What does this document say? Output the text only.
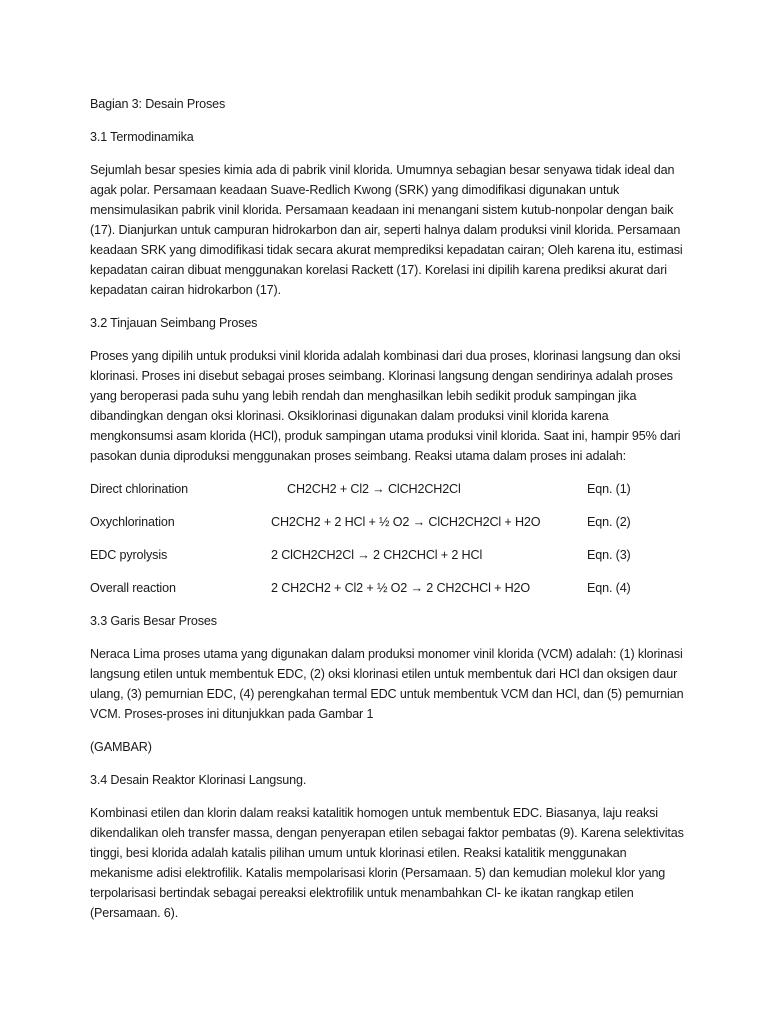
Bagian 3: Desain Proses
3.1 Termodinamika
Sejumlah besar spesies kimia ada di pabrik vinil klorida. Umumnya sebagian besar senyawa tidak ideal dan agak polar. Persamaan keadaan Suave-Redlich Kwong (SRK) yang dimodifikasi digunakan untuk mensimulasikan pabrik vinil klorida. Persamaan keadaan ini menangani sistem kutub-nonpolar dengan baik (17). Dianjurkan untuk campuran hidrokarbon dan air, seperti halnya dalam produksi vinil klorida. Persamaan keadaan SRK yang dimodifikasi tidak secara akurat memprediksi kepadatan cairan; Oleh karena itu, estimasi kepadatan cairan dibuat menggunakan korelasi Rackett (17). Korelasi ini dipilih karena prediksi akurat dari kepadatan cairan hidrokarbon (17).
3.2 Tinjauan Seimbang Proses
Proses yang dipilih untuk produksi vinil klorida adalah kombinasi dari dua proses, klorinasi langsung dan oksi klorinasi. Proses ini disebut sebagai proses seimbang. Klorinasi langsung dengan sendirinya adalah proses yang beroperasi pada suhu yang lebih rendah dan menghasilkan lebih sedikit produk sampingan jika dibandingkan dengan oksi klorinasi. Oksiklorinasi digunakan dalam produksi vinil klorida karena mengkonsumsi asam klorida (HCl), produk sampingan utama produksi vinil klorida. Saat ini, hampir 95% dari pasokan dunia diproduksi menggunakan proses seimbang. Reaksi utama dalam proses ini adalah:
Direct chlorination	CH2CH2 + Cl2 → ClCH2CH2Cl	Eqn. (1)
Oxychlorination	CH2CH2 + 2 HCl + ½ O2 → ClCH2CH2Cl + H2O	Eqn. (2)
EDC pyrolysis	2 ClCH2CH2Cl → 2 CH2CHCl + 2 HCl	Eqn. (3)
Overall reaction	2 CH2CH2 + Cl2 + ½ O2 → 2 CH2CHCl + H2O	Eqn. (4)
3.3 Garis Besar Proses
Neraca Lima proses utama yang digunakan dalam produksi monomer vinil klorida (VCM) adalah: (1) klorinasi langsung etilen untuk membentuk EDC, (2) oksi klorinasi etilen untuk membentuk dari HCl dan oksigen daur ulang, (3) pemurnian EDC, (4) perengkahan termal EDC untuk membentuk VCM dan HCl, dan (5) pemurnian VCM. Proses-proses ini ditunjukkan pada Gambar 1
(GAMBAR)
3.4 Desain Reaktor Klorinasi Langsung.
Kombinasi etilen dan klorin dalam reaksi katalitik homogen untuk membentuk EDC. Biasanya, laju reaksi dikendalikan oleh transfer massa, dengan penyerapan etilen sebagai faktor pembatas (9). Karena selektivitas tinggi, besi klorida adalah katalis pilihan umum untuk klorinasi etilen. Reaksi katalitik menggunakan mekanisme adisi elektrofilik. Katalis mempolarisasi klorin (Persamaan. 5) dan kemudian molekul klor yang terpolarisasi bertindak sebagai pereaksi elektrofilik untuk menambahkan Cl- ke ikatan rangkap etilen (Persamaan. 6).
